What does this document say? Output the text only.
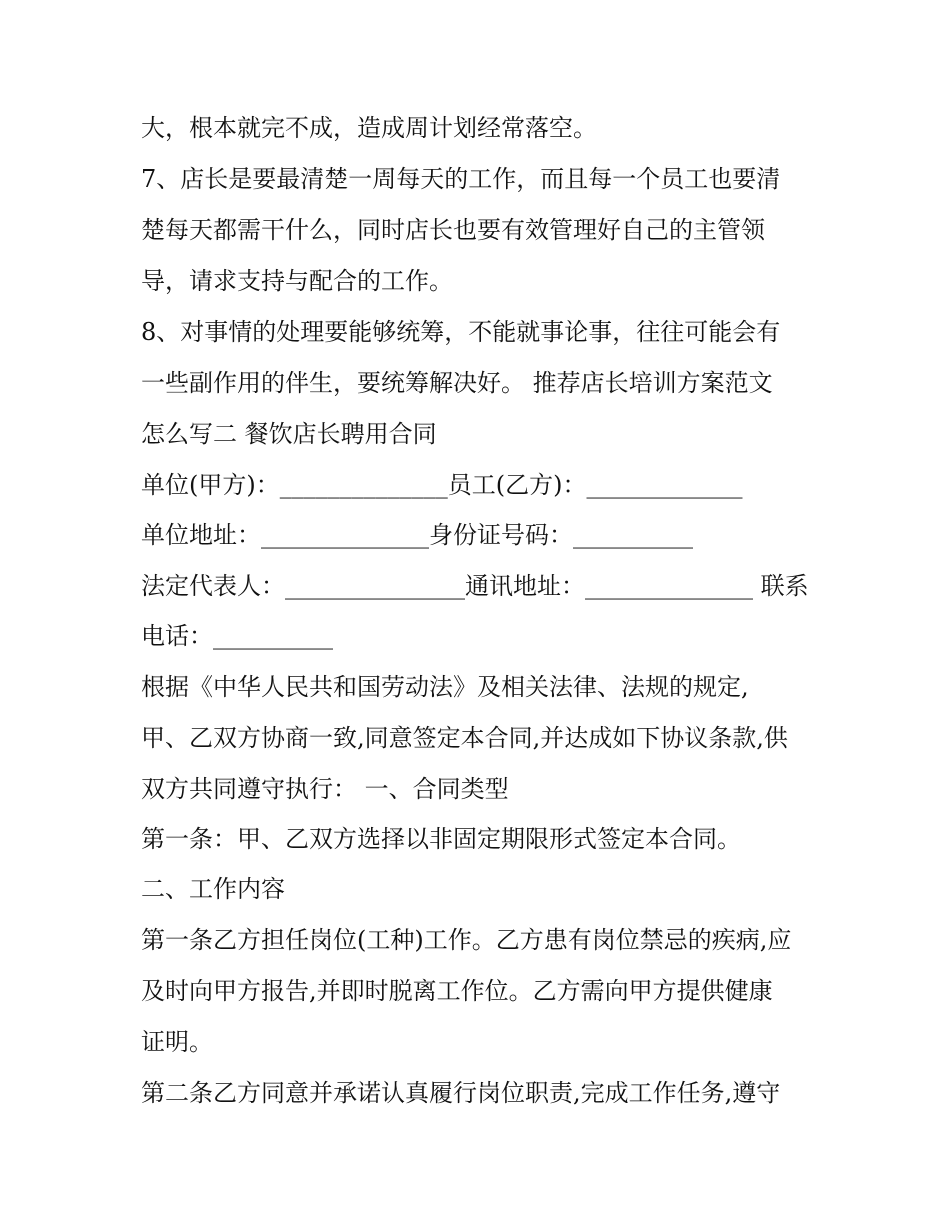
大，根本就完不成，造成周计划经常落空。
7、店长是要最清楚一周每天的工作，而且每一个员工也要清
楚每天都需干什么，同时店长也要有效管理好自己的主管领
导，请求支持与配合的工作。
8、对事情的处理要能够统筹，不能就事论事，往往可能会有
一些副作用的伴生，要统筹解决好。 推荐店长培训方案范文
怎么写二 餐饮店长聘用合同
单位(甲方)：______________员工(乙方)：_____________
单位地址：______________身份证号码：__________
法定代表人：_______________通讯地址：______________ 联系
电话：__________
根据《中华人民共和国劳动法》及相关法律、法规的规定,
甲、乙双方协商一致,同意签定本合同,并达成如下协议条款,供
双方共同遵守执行： 一、合同类型
第一条：甲、乙双方选择以非固定期限形式签定本合同。
二、工作内容
第一条乙方担任岗位(工种)工作。乙方患有岗位禁忌的疾病,应
及时向甲方报告,并即时脱离工作位。乙方需向甲方提供健康
证明。
第二条乙方同意并承诺认真履行岗位职责,完成工作任务,遵守
